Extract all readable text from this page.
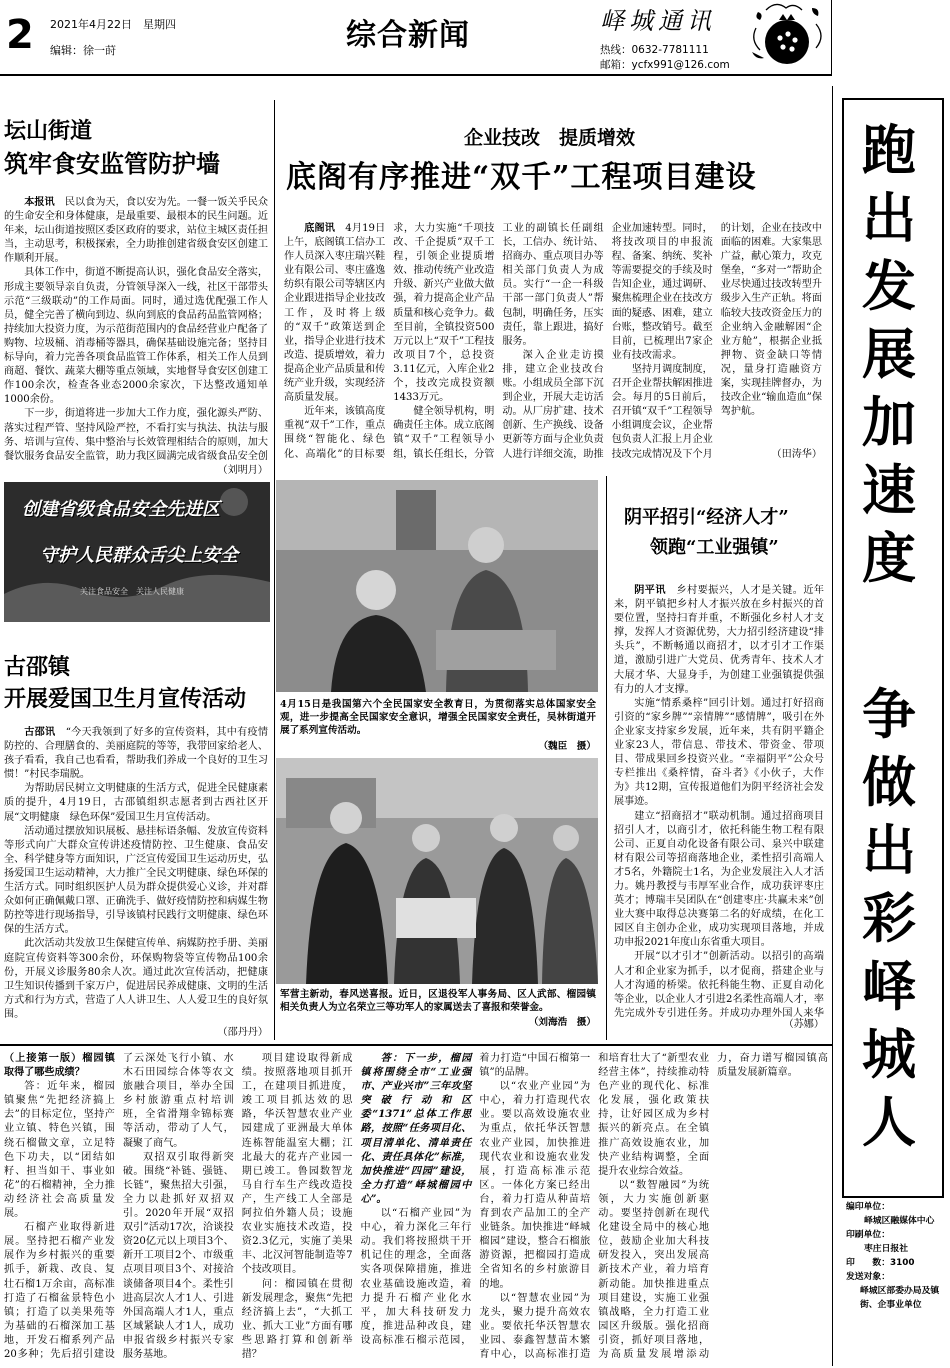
2	2021年4月22日　 星期四
编辑：徐一莳	综合新闻	峄城通讯
热线：0632-7781111
邮箱：ycfx991@126.com
坛山街道
筑牢食安监管防护墙

本报讯　 民以食为天，食以安为先。一餐一饭关乎民众的生命安全和身体健康，是最重要、最根本的民生问题。近年来，坛山街道按照区委区政府的要求，站位主城区责任担当，主动思考，积极探索，全力助推创建省级食安区创建工作顺利开展。

具体工作中，街道不断提高认识，强化食品安全落实，形成主要领导亲自负责，分管领导深入一线，社区干部带头示范“三级联动”的工作局面。同时，通过选优配强工作人员，健全完善了横向到边、纵向到底的食品药品监管网格；持续加大投资力度，为示范街范围内的食品经营业户配备了购物、垃圾桶、消毒桶等器具，确保基础设施完备；坚持目标导向，着力完善各项食品监管工作体系，相关工作人员到商超、餐饮、蔬菜大棚等重点领域，实地督导食安区创建工作100余次，检查各业态2000余家次，下达整改通知单1000余份。

下一步，街道将进一步加大工作力度，强化源头严防、落实过程严管、坚持风险严控，不看打实与执法、执法与服务、培训与宣传、集中整治与长效管理相结合的原则，加大餐饮服务食品安全监管，助力我区圆满完成省级食品安全创

（刘明月）
创建省级食品安全先进区
守护人民群众舌尖上安全
关注食品安全　关注人民健康
古邵镇
开展爱国卫生月宣传活动

古邵讯　 “今天我领到了好多的宣传资料，其中有疫情防控的、合理膳食的、美丽庭院的等等，我带回家给老人、孩子看看，我自己也看看，帮助我们养成一个良好的卫生习惯！”村民李瑞脱。

为帮助居民树立文明健康的生活方式，促进全民健康素质的提升，4月19日，古邵镇组织志愿者到古西社区开展“文明健康　绿色环保”爱国卫生月宣传活动。

活动通过摆放知识展板、悬挂标语条幅、发放宣传资料等形式向广大群众宣传讲述疫情防控、卫生健康、食品安全、科学健身等方面知识，广泛宣传爱国卫生运动历史，弘扬爱国卫生运动精神，大力推广全民文明健康、绿色环保的生活方式。同时组织医护人员为群众提供爱心义诊，并对群众如何正确佩戴口罩、正确洗手、做好疫情防控和病媒生物防控等进行现场指导，引导该镇村民践行文明健康、绿色环保的生活方式。

此次活动共发放卫生保健宣传单、病媒防控手册、美丽庭院宣传资料等300余份，环保购物袋等宣传物品100余份，开展义诊服务80余人次。通过此次宣传活动，把健康卫生知识传播到千家万户，促进居民养成健康、文明的生活方式和行为方式，营造了人人讲卫生、人人爱卫生的良好氛围。

（邵丹丹）
企业技改　提质增效
底阁有序推进“双千”工程项目建设

底阁讯　 4月19日上午，底阁镇工信办工作人员深入枣庄瑞兴鞋业有限公司、枣庄盛逸纺织有限公司等辖区内企业跟进指导企业技改工作，及时将上级的“双千”政策送到企业，指导企业进行技术改造、提质增效，着力提高企业产品质量和传统产业升级，实现经济高质量发展。

近年来，该镇高度重视“双千”工作，重点围绕“智能化、绿色化、高端化”的目标要求，大力实施“千项技改、千企提质”双千工程，引领企业提质增效、推动传统产业改造升级、新兴产业做大做强，着力提高企业产品质量和核心竞争力。截至目前，全镇投资500万元以上“双千”工程技改项目7个，总投资3.11亿元，入库企业2个，技改完成投资额1433万元。

健全领导机构，明确责任主体。成立底阁镇“双千”工程领导小组，镇长任组长，分管工业的副镇长任副组长，工信办、统计站、招商办、重点项目办等相关部门负责人为成员。实行“一企一科级干部一部门负责人”帮包制，明确任务，压实责任，靠上跟进，搞好服务。

深入企业走访摸排，建立企业技改台账。小组成员全部下沉到企业，开展大走访活动。从厂房扩建、技术创新、生产换线、设备更新等方面与企业负责人进行详细交流，助推企业加速转型。同时，将技改项目的申报流程、备案、纳统、奖补等需要提交的手续及时告知企业，通过调研、聚焦梳理企业在技改方面的疑惑、困难，建立台账，整改销号。截至目前，已梳理出7家企业有技改需求。

坚持月调度制度，召开企业帮扶解困推进会。每月的5日前后，召开镇“双千”工程领导小组调度会议，企业帮包负责人汇报上月企业技改完成情况及下个月的计划，企业在技改中面临的困难。大家集思广益，献心策力，攻克堡垒，“多对一”帮助企业尽快通过技改转型升级步入生产正轨。将面临较大技改资金压力的企业纳入金融解困“企业方舱”，根据企业抵押物、资金缺口等情况，量身打造融资方案，实现挂牌督办，为技改企业“输血造血”保驾护航。

（田涛华）
4月15日是我国第六个全民国家安全教育日，为贯彻落实总体国家安全观，进一步提高全民国家安全意识，增强全民国家安全责任，吴林街道开展了系列宣传活动。
（魏臣　摄）
军营主新动，春风送喜报。近日，区退役军人事务局、区人武部、榴园镇相关负责人为立名荣立三等功军人的家属送去了喜报和荣誉金。
（刘海浩　摄）
阴平招引“经济人才”
领跑“工业强镇”

阴平讯　 乡村要振兴，人才是关键。近年来，阴平镇把乡村人才振兴放在乡村振兴的首要位置，坚持扫育并重，不断强化乡村人才支撑，发挥人才资源优势，大力招引经济建设“排头兵”，不断畅通以商招才，以才引才工作渠道，激励引进广大党员、优秀青年、技术人才大展才华、大显身手，为创建工业强镇提供强有力的人才支撑。

实施“情系桑梓”回引计划。通过打好招商引资的“家乡牌”“亲情牌”“感情牌”，吸引在外企业家支持家乡发展，近年来，共有阴平籍企业家23人，带信息、带技术、带资金、带项目、带成果回乡投资兴业。“幸福阴平”公众号专栏推出《桑梓情，奋斗者》《小伙子，大作为》共12期，宣传报道他们为阴平经济社会发展事迹。

建立“招商招才”联动机制。通过招商项目招引人才，以商引才，依托科能生物工程有限公司、正夏自动化设备有限公司、泉兴中联建材有限公司等招商落地企业，柔性招引高端人才5名，外籍院士1名，为企业发展注入人才活力。姚丹教授与韦厚军业合作，成功获评枣庄英才；博瑞丰吴团队在“创建枣庄·共赢未来”创业大赛中取得总决赛第二名的好成绩，在化工园区自主创办企业，成功实现项目落地，并成功申报2021年度山东省重大项目。

开展“以才引才”创新活动。以招引的高端人才和企业家为抓手，以才促商，搭建企业与人才沟通的桥梁。依托科能生物、正夏自动化等企业，以企业人才引进2名柔性高端人才，率先完成外专引进任务。并成功办理外国人来华

（苏娜）
跑出发展加速度
争做出彩峄城人
编印单位：
峄城区融媒体中心
印刷单位：
枣庄日报社
印　　数：3100
发送对象：
峄城区部委办局及镇街、企事业单位

（上接第一版）榴园镇取得了哪些成绩？

答：近年来，榴园镇聚焦“先把经济搞上去”的目标定位，坚持产业立镇、特色兴镇，围绕石榴做文章，立足特色下功夫，以“团结如籽、担当如干、事业如花”的石榴精神，全力推动经济社会高质量发展。

石榴产业取得新进展。坚持把石榴产业发展作为乡村振兴的重要抓手，新栽、改良、复壮石榴1万余亩，高标准打造了石榴盆景特色小镇；打造了以美果苑等为基础的石榴深加工基地，开发石榴系列产品20多种；先后招引建设了云深处飞行小镇、水木石田园综合体等农文旅融合项目，举办全国乡村旅游重点村培训班，全省滑翔伞锦标赛等活动，带动了人气，凝聚了商气。

双招双引取得新突破。围绕“补链、强链、长链”，聚焦招大引强，全力以赴抓好双招双引。2020年开展“双招双引”活动17次，洽谈投资20亿元以上项目3个、新开工项目2个、市级重点项目项目3个、对接洽谈储备项目4个。柔性引进高层次人才1人、引进外国高端人才1人，重点区域紧缺人才1人，成功申报省级乡村振兴专家服务基地。

项目建设取得新成绩。按照落地项目抓开工，在建项目抓进度，竣工项目抓达效的思路，华沃智慧农业产业园建成了亚洲最大单体连栋智能温室大棚；江北最大的花卉产业园一期已竣工。鲁园数智龙马自行车生产线改造投产，生产线工人全部是阿拉伯外籍人员；设施农业实施技术改造，投资2.3亿元，实施了美果丰、北汉河智能制造等7个技改项目。

问：榴园镇在贯彻新发展理念，聚焦“先把经济搞上去”，“大抓工业、抓大工业”方面有哪些思路打算和创新举措？

答：下一步，榴园镇将围绕全市“工业强市、产业兴市”三年攻坚突破行动和区委“1371”总体工作思路，按照“任务项目化、项目清单化、清单责任化、责任具体化”标准，加快推进“四园”建设，全力打造“峄城榴园中心”。

以“石榴产业园”为中心，着力深化三年行动。我们将按照烘干开机记住的理念，全面落实各项保障措施，推进农业基础设施改造，着力提升石榴产业化水平，加大科技研发力度，推进品种改良，建设高标准石榴示范园，着力打造“中国石榴第一镇”的品牌。

以“农业产业园”为中心，着力打造现代农业。要以高效设施农业为重点，依托华沃智慧农业产业园，加快推进现代农业和设施农业发展，打造高标准示范区。一体化方案已经出台，着力打造从种苗培育到农产品加工的全产业链条。加快推进“峄城榴园”建设，整合石榴旅游资源，把榴园打造成全省知名的乡村旅游目的地。

以“智慧农业园”为龙头，聚力提升高效农业。要依托华沃智慧农业园、泰鑫智慧苗木繁育中心，以高标准打造和培育壮大了“新型农业经营主体”，持续推动特色产业的现代化、标准化发展，强化政策扶持，让好园区成为乡村振兴的新亮点。在全镇推广高效设施农业，加快产业结构调整，全面提升农业综合效益。

以“数智融园”为统领，大力实施创新驱动。要坚持创新在现代化建设全局中的核心地位，鼓励企业加大科技研发投入，突出发展高新技术产业，着力培育新动能。加快推进重点项目建设，实施工业强镇战略，全力打造工业园区升级版。强化招商引资，抓好项目落地，为高质量发展增添动力，奋力谱写榴园镇高质量发展新篇章。
